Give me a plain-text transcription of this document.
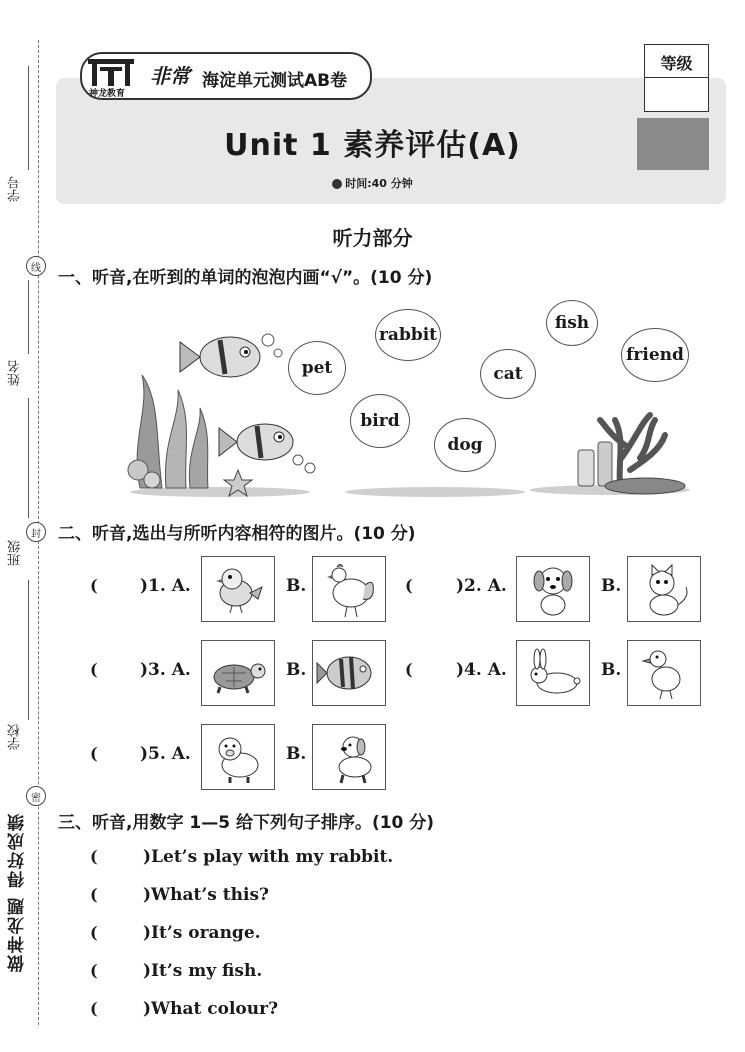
学号
线
姓名
封
班级
学校
密
做神龙题 得好成绩
神龙教育
非常 海淀单元测试AB卷
等级
Unit 1 素养评估(A)
时间:40 分钟
听力部分
一、听音,在听到的单词的泡泡内画“√”。(10 分)
rabbit
fish
pet	cat
friend
bird
dog
二、听音,选出与所听内容相符的图片。(10 分)
( )1. A.	B.	(	)2. A.	B.
( )3. A.	B.	(	)4. A.	B.
( )5. A.	B.
三、听音,用数字 1—5 给下列句子排序。(10 分)
(	)Let’s play with my rabbit.
(	)What’s this?
(	)It’s orange.
(	)It’s my fish.
(	)What colour?
